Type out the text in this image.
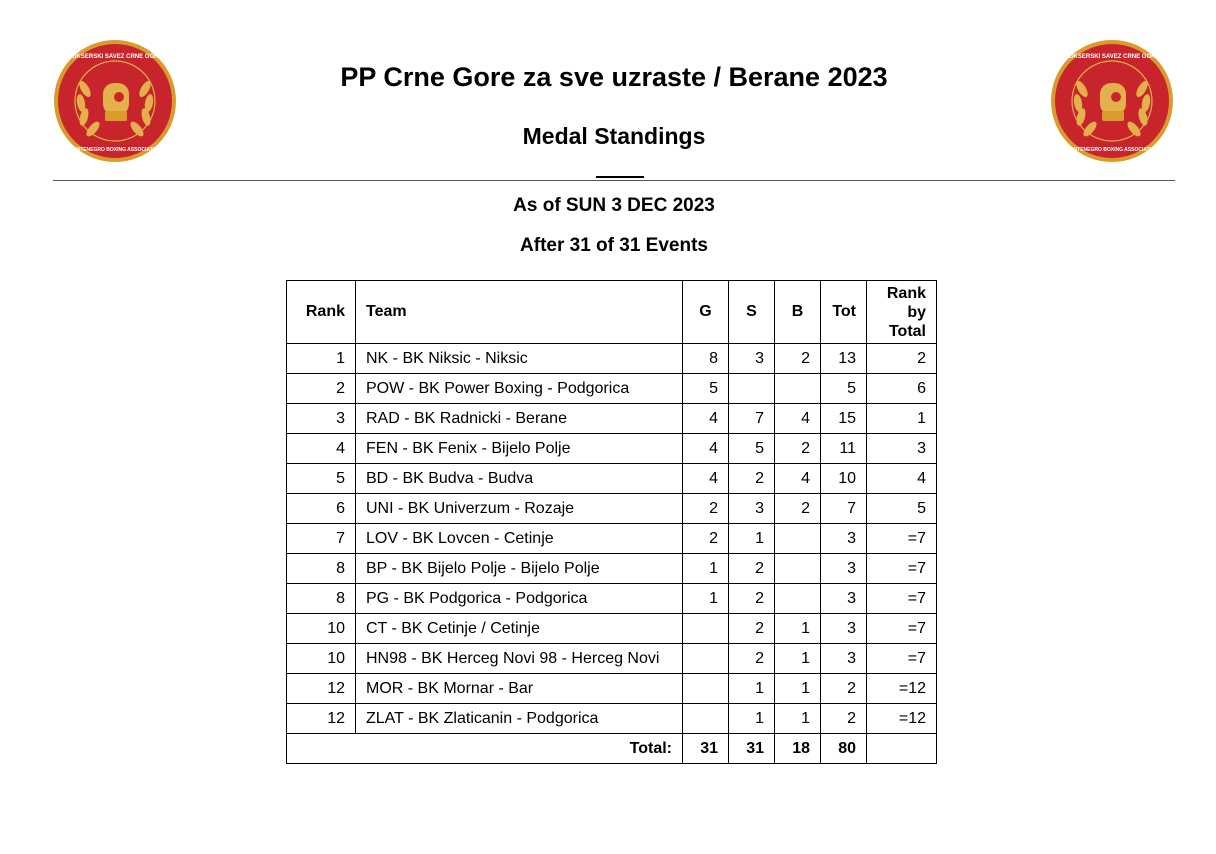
BOKSERSKI SAVEZ CRNE GORE
MONTENEGRO BOXING ASSOCIATION
BOKSERSKI SAVEZ CRNE GORE
MONTENEGRO BOXING ASSOCIATION
PP Crne Gore za sve uzraste / Berane 2023
Medal Standings
As of SUN 3 DEC 2023
After 31 of 31 Events
Rank	Team	G	S	B	Tot	Rank
by
Total
1	NK - BK Niksic - Niksic	8	3	2	13	2
2	POW - BK Power Boxing - Podgorica	5			5	6
3	RAD - BK Radnicki - Berane	4	7	4	15	1
4	FEN - BK Fenix - Bijelo Polje	4	5	2	11	3
5	BD - BK Budva - Budva	4	2	4	10	4
6	UNI - BK Univerzum - Rozaje	2	3	2	7	5
7	LOV - BK Lovcen - Cetinje	2	1		3	=7
8	BP - BK Bijelo Polje - Bijelo Polje	1	2		3	=7
8	PG - BK Podgorica - Podgorica	1	2		3	=7
10	CT - BK Cetinje / Cetinje		2	1	3	=7
10	HN98 - BK Herceg Novi 98 - Herceg Novi		2	1	3	=7
12	MOR - BK Mornar - Bar		1	1	2	=12
12	ZLAT - BK Zlaticanin - Podgorica		1	1	2	=12
Total:		31	31	18	80	
